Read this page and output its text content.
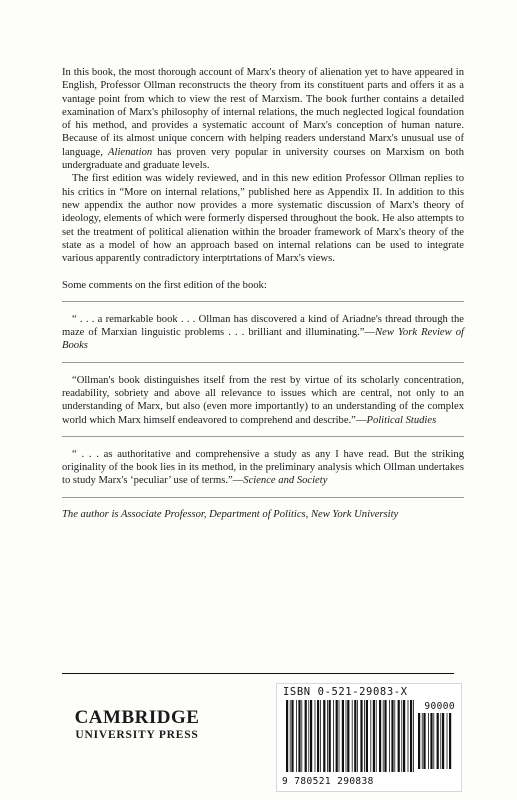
In this book, the most thorough account of Marx's theory of alienation yet to have appeared in English, Professor Ollman reconstructs the theory from its constituent parts and offers it as a vantage point from which to view the rest of Marxism. The book further contains a detailed examination of Marx's philosophy of internal relations, the much neglected logical foundation of his method, and provides a systematic account of Marx's conception of human nature. Because of its almost unique concern with helping readers understand Marx's unusual use of language, Alienation has proven very popular in university courses on Marxism on both undergraduate and graduate levels.

The first edition was widely reviewed, and in this new edition Professor Ollman replies to his critics in “More on internal relations,” published here as Appendix II. In addition to this new appendix the author now provides a more systematic discussion of Marx's theory of ideology, elements of which were formerly dispersed throughout the book. He also attempts to set the treatment of political alienation within the broader framework of Marx's theory of the state as a model of how an approach based on internal relations can be used to integrate various apparently contradictory interptrtations of Marx's views.

Some comments on the first edition of the book:

“ . . . a remarkable book . . . Ollman has discovered a kind of Ariadne's thread through the maze of Marxian linguistic problems . . . brilliant and illuminating.”—New York Review of Books

“Ollman's book distinguishes itself from the rest by virtue of its scholarly concentration, readability, sobriety and above all relevance to issues which are central, not only to an understanding of Marx, but also (even more importantly) to an understanding of the complex world which Marx himself endeavored to comprehend and describe.”—Political Studies

“ . . . as authoritative and comprehensive a study as any I have read. But the striking originality of the book lies in its method, in the preliminary analysis which Ollman undertakes to study Marx's ‘peculiar’ use of terms.”—Science and Society

The author is Associate Professor, Department of Politics, New York University

CAMBRIDGE
UNIVERSITY PRESS
ISBN 0-521-29083-X
90000
9 780521 290838
